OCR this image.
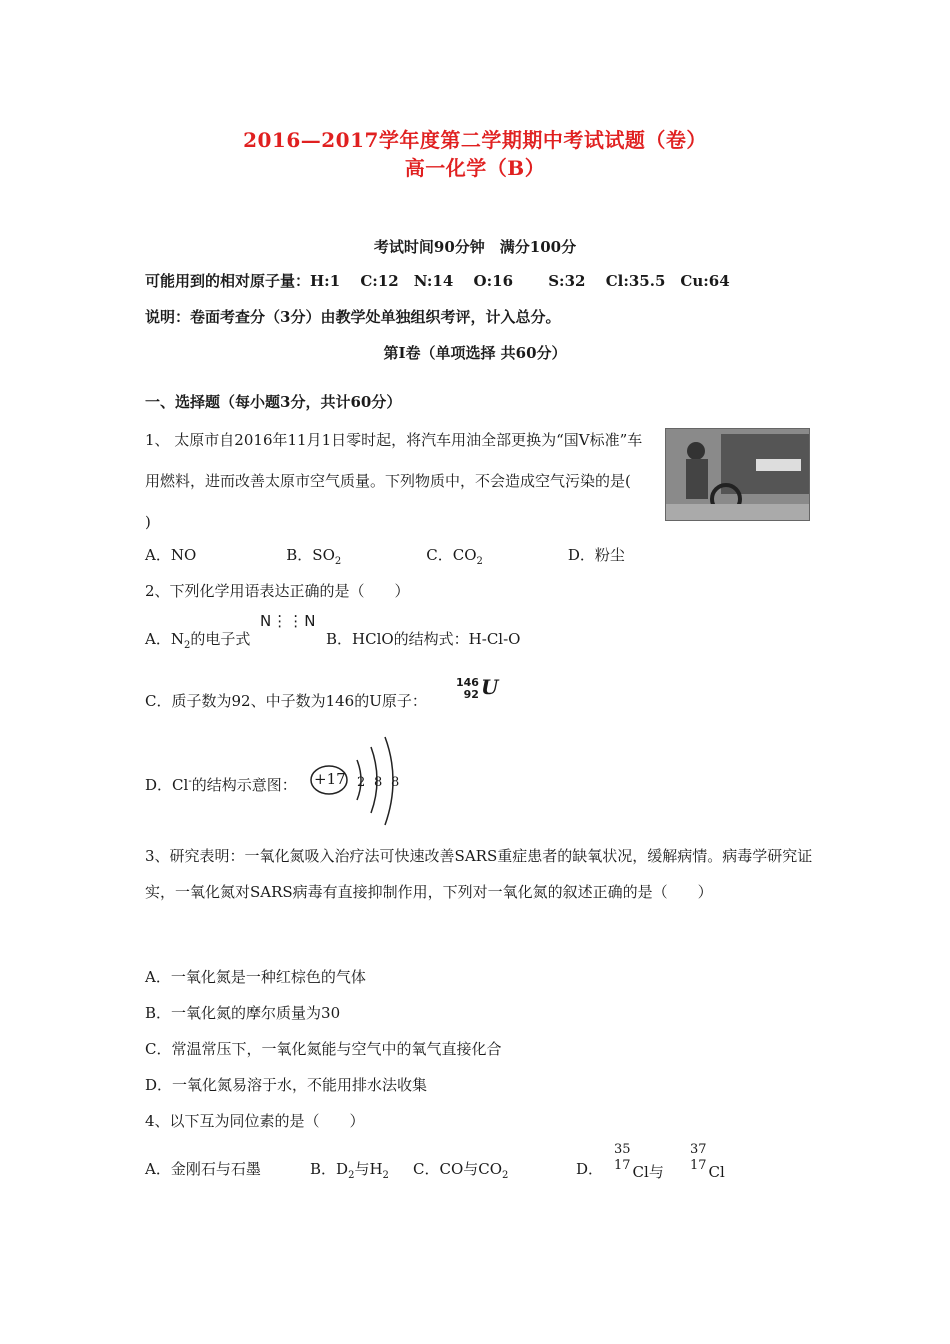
2016—2017学年度第二学期期中考试试题（卷）
高一化学（B）
考试时间90分钟　满分100分
可能用到的相对原子量：H:1　 C:12　N:14　 O:16　　 S:32　 Cl:35.5　Cu:64
说明：卷面考查分（3分）由教学处单独组织考评，计入总分。
第Ⅰ卷（单项选择 共60分）
一、选择题（每小题3分，共计60分）
1、 太原市自2016年11月1日零时起，将汽车用油全部更换为“国Ⅴ标准”车用燃料，进而改善太原市空气质量。下列物质中，不会造成空气污染的是(　 )
A．NO	B．$SO_2$	C．$CO_2$	D．粉尘
2、下列化学用语表达正确的是（　　）
A．$N_2$的电子式
N⋮⋮N
B．HClO的结构式：H-Cl-O
C．质子数为92、中子数为146的U原子：
146
92 U
D．Cl-的结构示意图： +17 2 8 8
3、研究表明：一氧化氮吸入治疗法可快速改善SARS重症患者的缺氧状况，缓解病情。病毒学研究证实，一氧化氮对SARS病毒有直接抑制作用，下列对一氧化氮的叙述正确的是（　　）
A．一氧化氮是一种红棕色的气体
B．一氧化氮的摩尔质量为30
C．常温常压下，一氧化氮能与空气中的氧气直接化合
D．一氧化氮易溶于水，不能用排水法收集
4、以下互为同位素的是（　　）
A．金刚石与石墨	B．$D_2$与$H_2$ C．CO与$CO_2$	D．
35
17 Cl与
37
17 Cl
